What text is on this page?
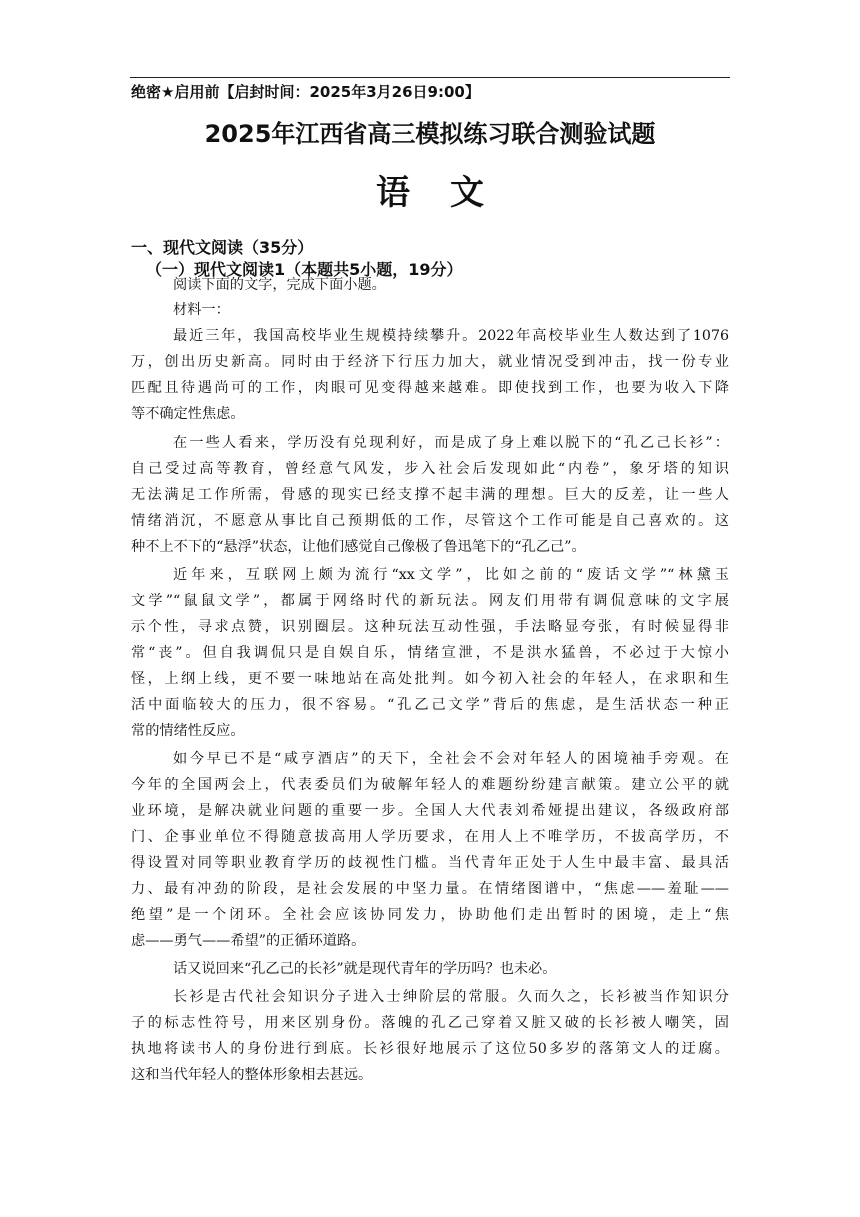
绝密★启用前【启封时间：2025年3月26日9:00】
2025年江西省高三模拟练习联合测验试题
语文
一、现代文阅读（35分）
（一）现代文阅读1（本题共5小题，19分）
阅读下面的文字，完成下面小题。
材料一：
最近三年，我国高校毕业生规模持续攀升。2022年高校毕业生人数达到了1076
万，创出历史新高。同时由于经济下行压力加大，就业情况受到冲击，找一份专业
匹配且待遇尚可的工作，肉眼可见变得越来越难。即使找到工作，也要为收入下降
等不确定性焦虑。
在一些人看来，学历没有兑现利好，而是成了身上难以脱下的“孔乙己长衫”：
自己受过高等教育，曾经意气风发，步入社会后发现如此“内卷”，象牙塔的知识
无法满足工作所需，骨感的现实已经支撑不起丰满的理想。巨大的反差，让一些人
情绪消沉，不愿意从事比自己预期低的工作，尽管这个工作可能是自己喜欢的。这
种不上不下的“悬浮”状态，让他们感觉自己像极了鲁迅笔下的“孔乙己”。
近年来，互联网上颇为流行“xx文学”，比如之前的“废话文学”“林黛玉
文学”“鼠鼠文学”，都属于网络时代的新玩法。网友们用带有调侃意味的文字展
示个性，寻求点赞，识别圈层。这种玩法互动性强，手法略显夸张，有时候显得非
常“丧”。但自我调侃只是自娱自乐，情绪宣泄，不是洪水猛兽，不必过于大惊小
怪，上纲上线，更不要一味地站在高处批判。如今初入社会的年轻人，在求职和生
活中面临较大的压力，很不容易。“孔乙己文学”背后的焦虑，是生活状态一种正
常的情绪性反应。
如今早已不是“咸亨酒店”的天下，全社会不会对年轻人的困境袖手旁观。在
今年的全国两会上，代表委员们为破解年轻人的难题纷纷建言献策。建立公平的就
业环境，是解决就业问题的重要一步。全国人大代表刘希娅提出建议，各级政府部
门、企事业单位不得随意拔高用人学历要求，在用人上不唯学历，不拔高学历，不
得设置对同等职业教育学历的歧视性门槛。当代青年正处于人生中最丰富、最具活
力、最有冲劲的阶段，是社会发展的中坚力量。在情绪图谱中，“焦虑——羞耻——
绝望”是一个闭环。全社会应该协同发力，协助他们走出暂时的困境，走上“焦
虑——勇气——希望”的正循环道路。
话又说回来“孔乙己的长衫”就是现代青年的学历吗？也未必。
长衫是古代社会知识分子进入士绅阶层的常服。久而久之，长衫被当作知识分
子的标志性符号，用来区别身份。落魄的孔乙己穿着又脏又破的长衫被人嘲笑，固
执地将读书人的身份进行到底。长衫很好地展示了这位50多岁的落第文人的迂腐。
这和当代年轻人的整体形象相去甚远。
